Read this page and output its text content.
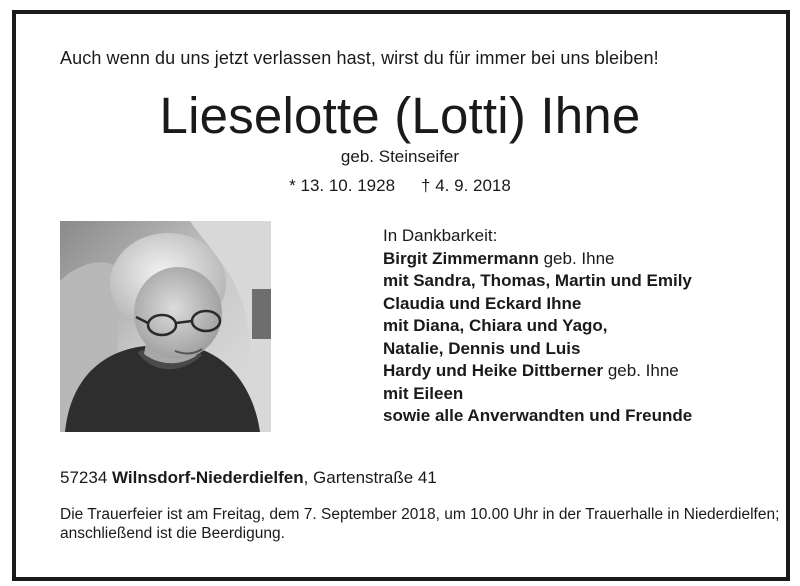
Auch wenn du uns jetzt verlassen hast, wirst du für immer bei uns bleiben!
Lieselotte (Lotti) Ihne
geb. Steinseifer
* 13. 10. 1928 † 4. 9. 2018
In Dankbarkeit:
Birgit Zimmermann geb. Ihne
mit Sandra, Thomas, Martin und Emily
Claudia und Eckard Ihne
mit Diana, Chiara und Yago,
Natalie, Dennis und Luis
Hardy und Heike Dittberner geb. Ihne
mit Eileen
sowie alle Anverwandten und Freunde
57234 Wilnsdorf-Niederdielfen, Gartenstraße 41
Die Trauerfeier ist am Freitag, dem 7. September 2018, um 10.00 Uhr in der Trauerhalle in Niederdielfen; anschließend ist die Beerdigung.
